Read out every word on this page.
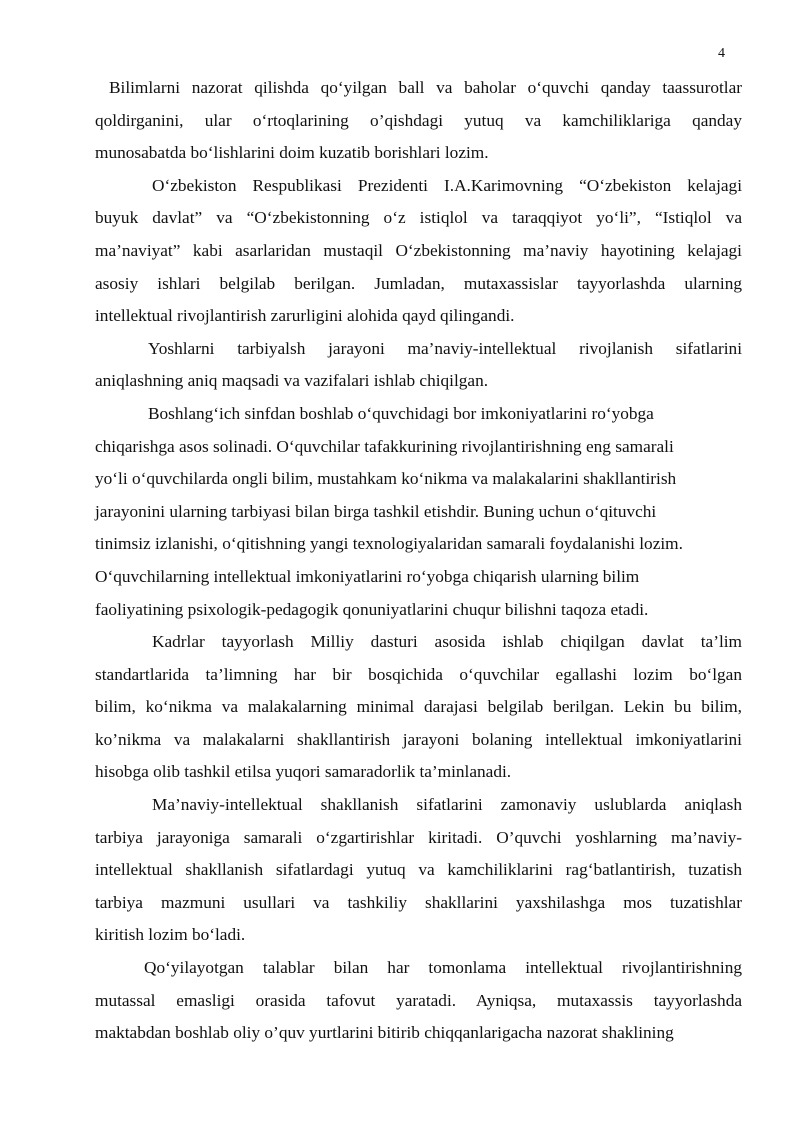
4
Bilimlarni nazorat qilishda qoʻyilgan ball va baholar oʻquvchi qanday taassurotlar
qoldirganini, ular oʻrtoqlarining o’qishdagi yutuq va kamchiliklariga qanday
munosabatda boʻlishlarini doim kuzatib borishlari lozim.
Oʻzbekiston Respublikasi Prezidenti I.A.Karimovning “Oʻzbekiston kelajagi
buyuk davlat” va “Oʻzbekistonning oʻz istiqlol va taraqqiyot yoʻli”, “Istiqlol va
ma’naviyat” kabi asarlaridan mustaqil Oʻzbekistonning ma’naviy hayotining kelajagi
asosiy ishlari belgilab berilgan. Jumladan, mutaxassislar tayyorlashda ularning
intellektual rivojlantirish zarurligini alohida qayd qilingandi.
Yoshlarni tarbiyalsh jarayoni ma’naviy-intellektual rivojlanish sifatlarini
aniqlashning aniq maqsadi va vazifalari ishlab chiqilgan.
Boshlangʻich sinfdan boshlab oʻquvchidagi bor imkoniyatlarini roʻyobga
chiqarishga asos solinadi. Oʻquvchilar tafakkurining rivojlantirishning eng samarali
yoʻli oʻquvchilarda ongli bilim, mustahkam koʻnikma va malakalarini shakllantirish
jarayonini ularning tarbiyasi bilan birga tashkil etishdir. Buning uchun oʻqituvchi
tinimsiz izlanishi, oʻqitishning yangi texnologiyalaridan samarali foydalanishi lozim.
Oʻquvchilarning intellektual imkoniyatlarini roʻyobga chiqarish ularning bilim
faoliyatining psixologik-pedagogik qonuniyatlarini chuqur bilishni taqoza etadi.
Kadrlar tayyorlash Milliy dasturi asosida ishlab chiqilgan davlat ta’lim
standartlarida ta’limning har bir bosqichida oʻquvchilar egallashi lozim boʻlgan
bilim, koʻnikma va malakalarning minimal darajasi belgilab berilgan. Lekin bu bilim,
ko’nikma va malakalarni shakllantirish jarayoni bolaning intellektual imkoniyatlarini
hisobga olib tashkil etilsa yuqori samaradorlik ta’minlanadi.
Ma’naviy-intellektual shakllanish sifatlarini zamonaviy uslublarda aniqlash
tarbiya jarayoniga samarali oʻzgartirishlar kiritadi. O’quvchi yoshlarning ma’naviy-
intellektual shakllanish sifatlardagi yutuq va kamchiliklarini ragʻbatlantirish, tuzatish
tarbiya mazmuni usullari va tashkiliy shakllarini yaxshilashga mos tuzatishlar
kiritish lozim boʻladi.
Qoʻyilayotgan talablar bilan har tomonlama intellektual rivojlantirishning
mutassal emasligi orasida tafovut yaratadi. Ayniqsa, mutaxassis tayyorlashda
maktabdan boshlab oliy o’quv yurtlarini bitirib chiqqanlarigacha nazorat shaklining
